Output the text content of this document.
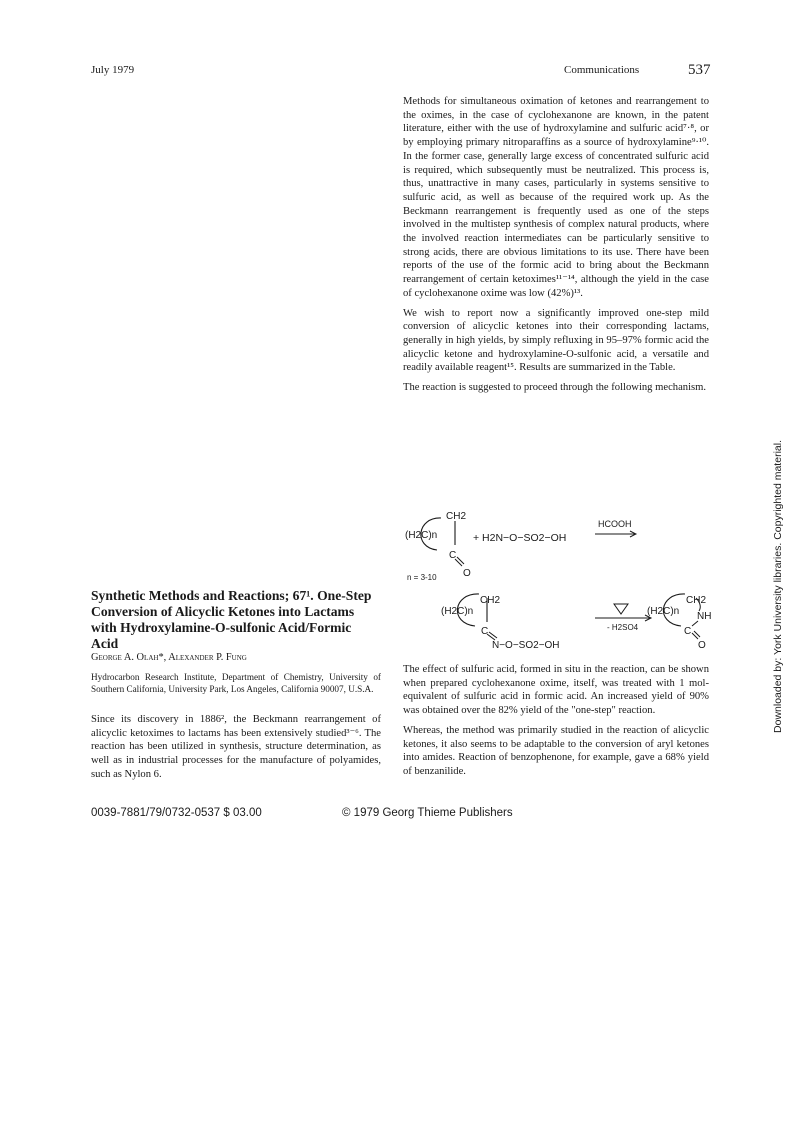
July 1979	Communications	537
Downloaded by: York University libraries. Copyrighted material.

Methods for simultaneous oximation of ketones and rearrangement to the oximes, in the case of cyclohexanone are known, in the patent literature, either with the use of hydroxylamine and sulfuric acid⁷·⁸, or by employing primary nitroparaffins as a source of hydroxylamine⁹·¹⁰. In the former case, generally large excess of concentrated sulfuric acid is required, which subsequently must be neutralized. This process is, thus, unattractive in many cases, particularly in systems sensitive to sulfuric acid, as well as because of the required work up. As the Beckmann rearrangement is frequently used as one of the steps involved in the multistep synthesis of complex natural products, where the involved reaction intermediates can be particularly sensitive to strong acids, there are obvious limitations to its use. There have been reports of the use of the formic acid to bring about the Beckmann rearrangement of certain ketoximes¹¹⁻¹⁴, although the yield in the case of cyclohexanone oxime was low (42%)¹³.

We wish to report now a significantly improved one-step mild conversion of alicyclic ketones into their corresponding lactams, generally in high yields, by simply refluxing in 95–97% formic acid the alicyclic ketone and hydroxylamine-O-sulfonic acid, a versatile and readily available reagent¹⁵. Results are summarized in the Table.

The reaction is suggested to proceed through the following mechanism.

CH2
(H2C)n
C
O
+ H2N−O−SO2−OH
HCOOH
n = 3-10
CH2
(H2C)n
C
N−O−SO2−OH
- H2SO4
CH2
(H2C)n NH
C
O

The effect of sulfuric acid, formed in situ in the reaction, can be shown when prepared cyclohexanone oxime, itself, was treated with 1 mol-equivalent of sulfuric acid in formic acid. An increased yield of 90% was obtained over the 82% yield of the "one-step" reaction.

Whereas, the method was primarily studied in the reaction of alicyclic ketones, it also seems to be adaptable to the conversion of aryl ketones into amides. Reaction of benzophenone, for example, gave a 68% yield of benzanilide.

Synthetic Methods and Reactions; 67¹. One-Step Conversion of Alicyclic Ketones into Lactams with Hydroxylamine-O-sulfonic Acid/Formic Acid
George A. Olah*, Alexander P. Fung
Hydrocarbon Research Institute, Department of Chemistry, University of Southern California, University Park, Los Angeles, California 90007, U.S.A.
Since its discovery in 1886², the Beckmann rearrangement of alicyclic ketoximes to lactams has been extensively studied³⁻⁶. The reaction has been utilized in synthesis, structure determination, as well as in industrial processes for the manufacture of polyamides, such as Nylon 6.
0039-7881/79/0732-0537 $ 03.00	© 1979 Georg Thieme Publishers
